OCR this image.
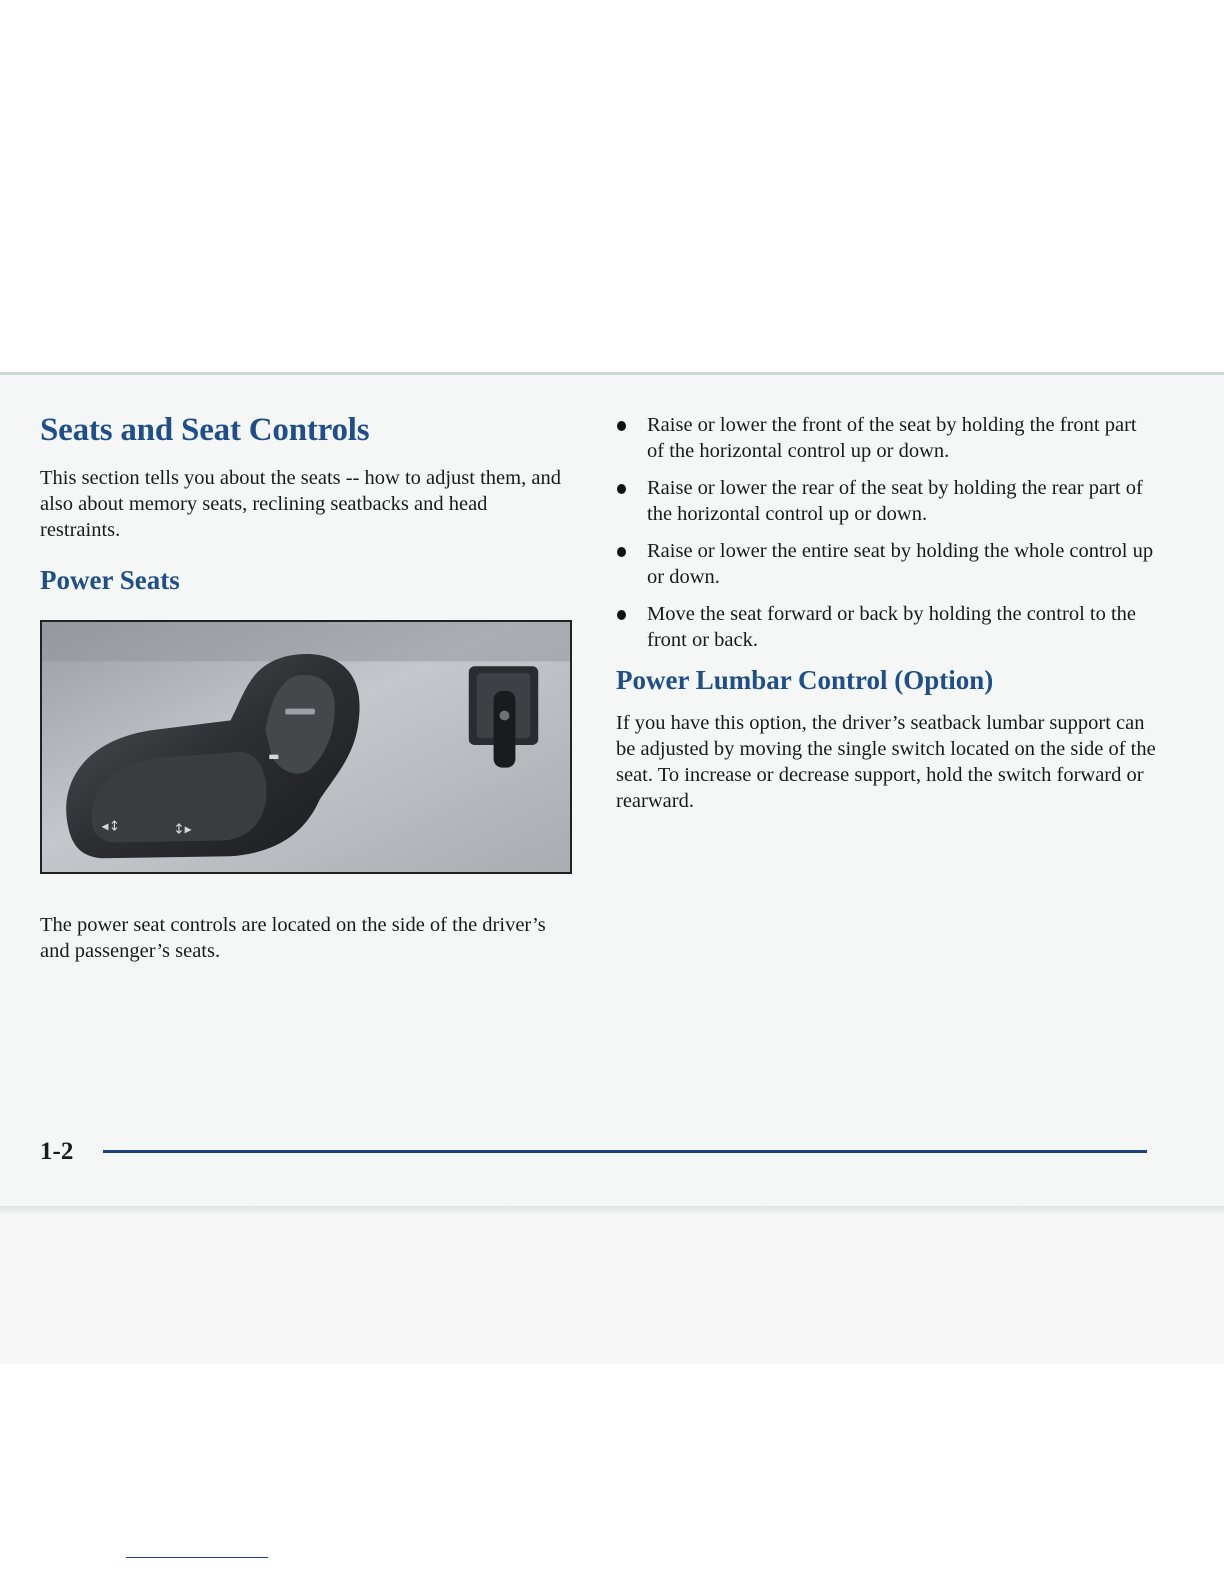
Seats and Seat Controls

This section tells you about the seats -- how to adjust them, and also about memory seats, reclining seatbacks and head restraints.

Power Seats
◂↕	↕▸
▬

The power seat controls are located on the side of the driver’s and passenger’s seats.

Raise or lower the front of the seat by holding the front part of the horizontal control up or down.

Raise or lower the rear of the seat by holding the rear part of the horizontal control up or down.

Raise or lower the entire seat by holding the whole control up or down.

Move the seat forward or back by holding the control to the front or back.

Power Lumbar Control (Option)

If you have this option, the driver’s seatback lumbar support can be adjusted by moving the single switch located on the side of the seat. To increase or decrease support, hold the switch forward or rearward.

1-2
